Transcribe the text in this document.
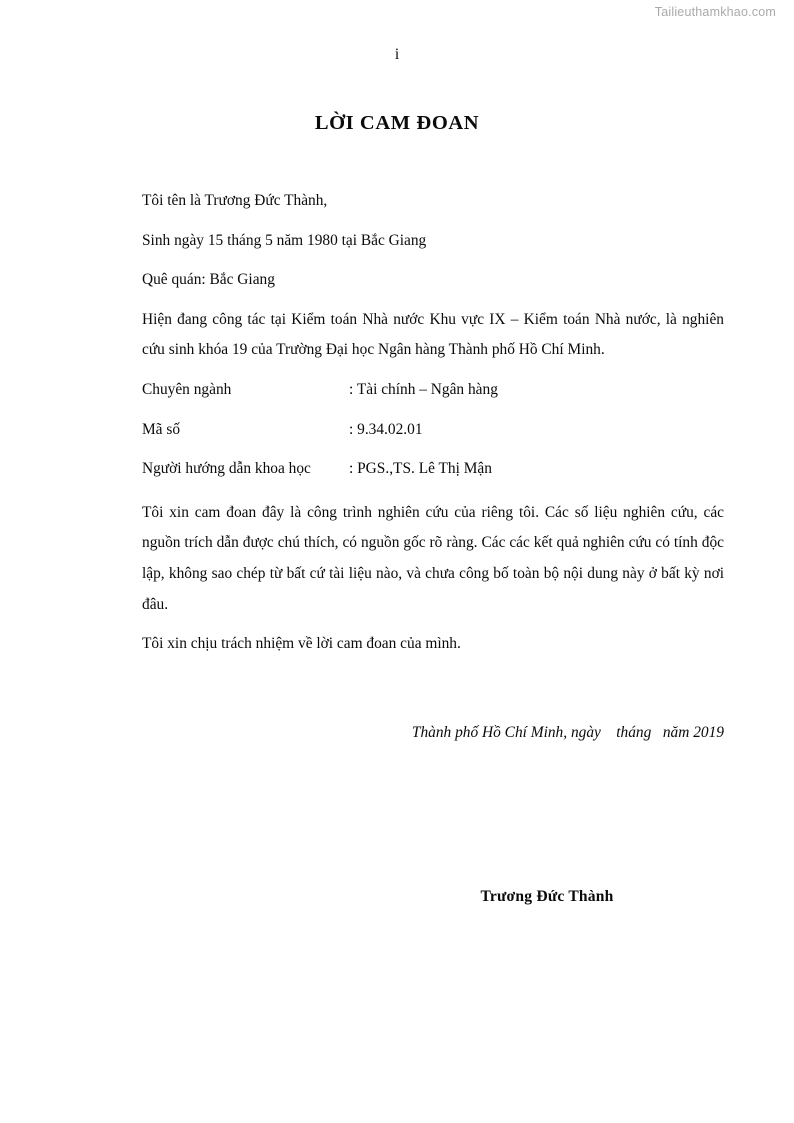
Tailieuthamkhao.com
i
LỜI CAM ĐOAN

Tôi tên là Trương Đức Thành,

Sinh ngày 15 tháng 5 năm 1980 tại Bắc Giang

Quê quán: Bắc Giang

Hiện đang công tác tại Kiểm toán Nhà nước Khu vực IX – Kiểm toán Nhà nước, là nghiên cứu sinh khóa 19 của Trường Đại học Ngân hàng Thành phố Hồ Chí Minh.

Chuyên ngành	: Tài chính – Ngân hàng
Mã số	: 9.34.02.01
Người hướng dẫn khoa học	: PGS.,TS. Lê Thị Mận

Tôi xin cam đoan đây là công trình nghiên cứu của riêng tôi. Các số liệu nghiên cứu, các nguồn trích dẫn được chú thích, có nguồn gốc rõ ràng. Các các kết quả nghiên cứu có tính độc lập, không sao chép từ bất cứ tài liệu nào, và chưa công bố toàn bộ nội dung này ở bất kỳ nơi đâu.

Tôi xin chịu trách nhiệm về lời cam đoan của mình.

Thành phố Hồ Chí Minh, ngày    tháng   năm 2019
Trương Đức Thành
